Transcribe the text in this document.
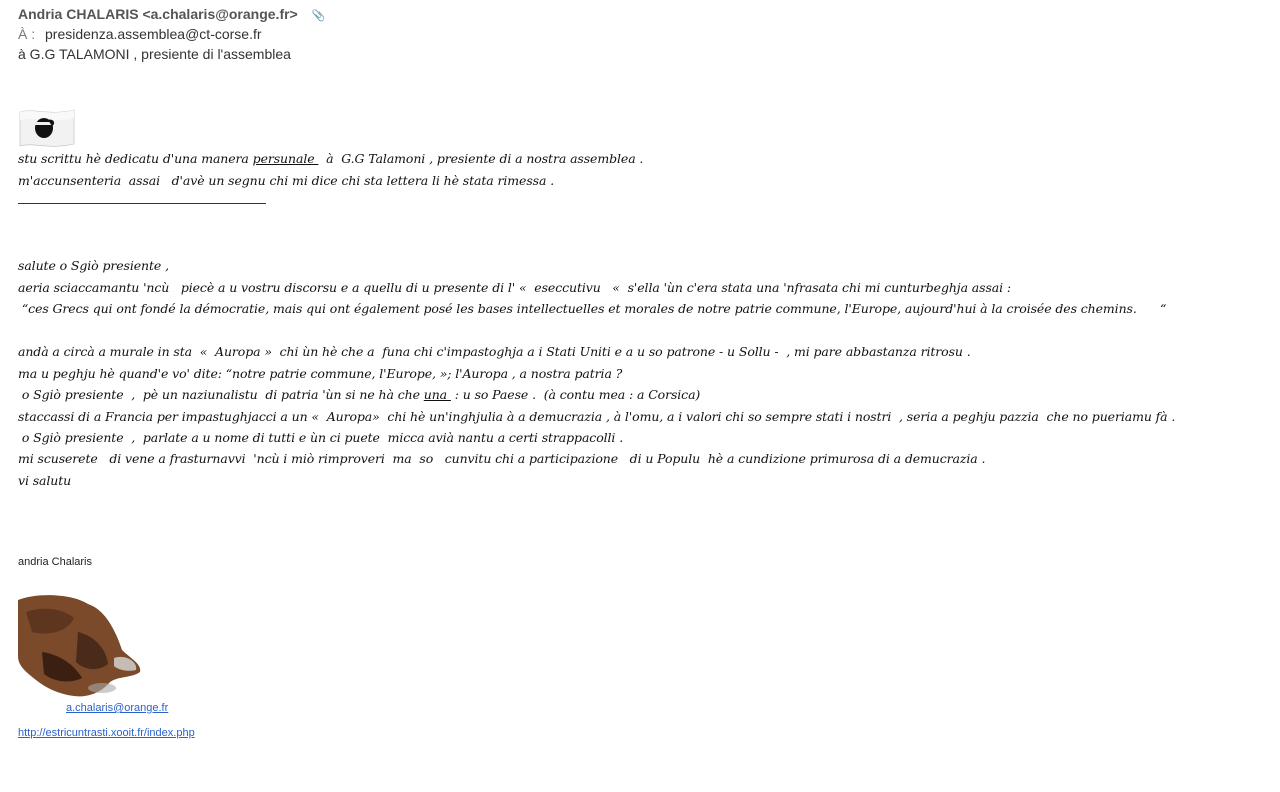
Andria CHALARIS <a.chalaris@orange.fr> 📎
À : presidenza.assemblea@ct-corse.fr
à G.G TALAMONI , presiente di l'assemblea
stu scrittu hè dedicatu d'una manera persunale   à  G.G Talamoni , presiente di a nostra assemblea .
m'accunsenteria  assai   d'avè un segnu chi mi dice chi sta lettera li hè stata rimessa .
salute o Sgiò presiente ,
aeria sciaccamantu 'ncù   piecè a u vostru discorsu e a quellu di u presente di l' «  eseccutivu   «  s'ella 'ùn c'era stata una 'nfrasata chi mi cunturbeghja assai :
“ces Grecs qui ont fondé la démocratie, mais qui ont également posé les bases intellectuelles et morales de notre patrie commune, l'Europe, aujourd'hui à la croisée des chemins.      “
andà a circà a murale in sta  «  Auropa »  chi ùn hè che a  funa chi c'impastoghja a i Stati Uniti e a u so patrone - u Sollu -  , mi pare abbastanza ritrosu .
ma u peghju hè quand'e vo' dite: “notre patrie commune, l'Europe, »; l'Auropa , a nostra patria ?
o Sgiò presiente  ,  pè un naziunalistu  di patria 'ùn si ne hà che una  : u so Paese .  (à contu mea : a Corsica)
staccassi di a Francia per impastughjacci a un «  Auropa»  chi hè un'inghjulia à a demucrazia , à l'omu, a i valori chi so sempre stati i nostri  , seria a peghju pazzia  che no pueriamu fà .
o Sgiò presiente  ,  parlate a u nome di tutti e ùn ci puete  micca avià nantu a certi strappacolli .
mi scuserete   di vene a frasturnavvi  'ncù i miò rimproveri  ma  so   cunvitu chi a participazione   di u Populu  hè a cundizione primurosa di a demucrazia .
vi salutu
andria Chalaris
a.chalaris@orange.fr
http://estricuntrasti.xooit.fr/index.php
